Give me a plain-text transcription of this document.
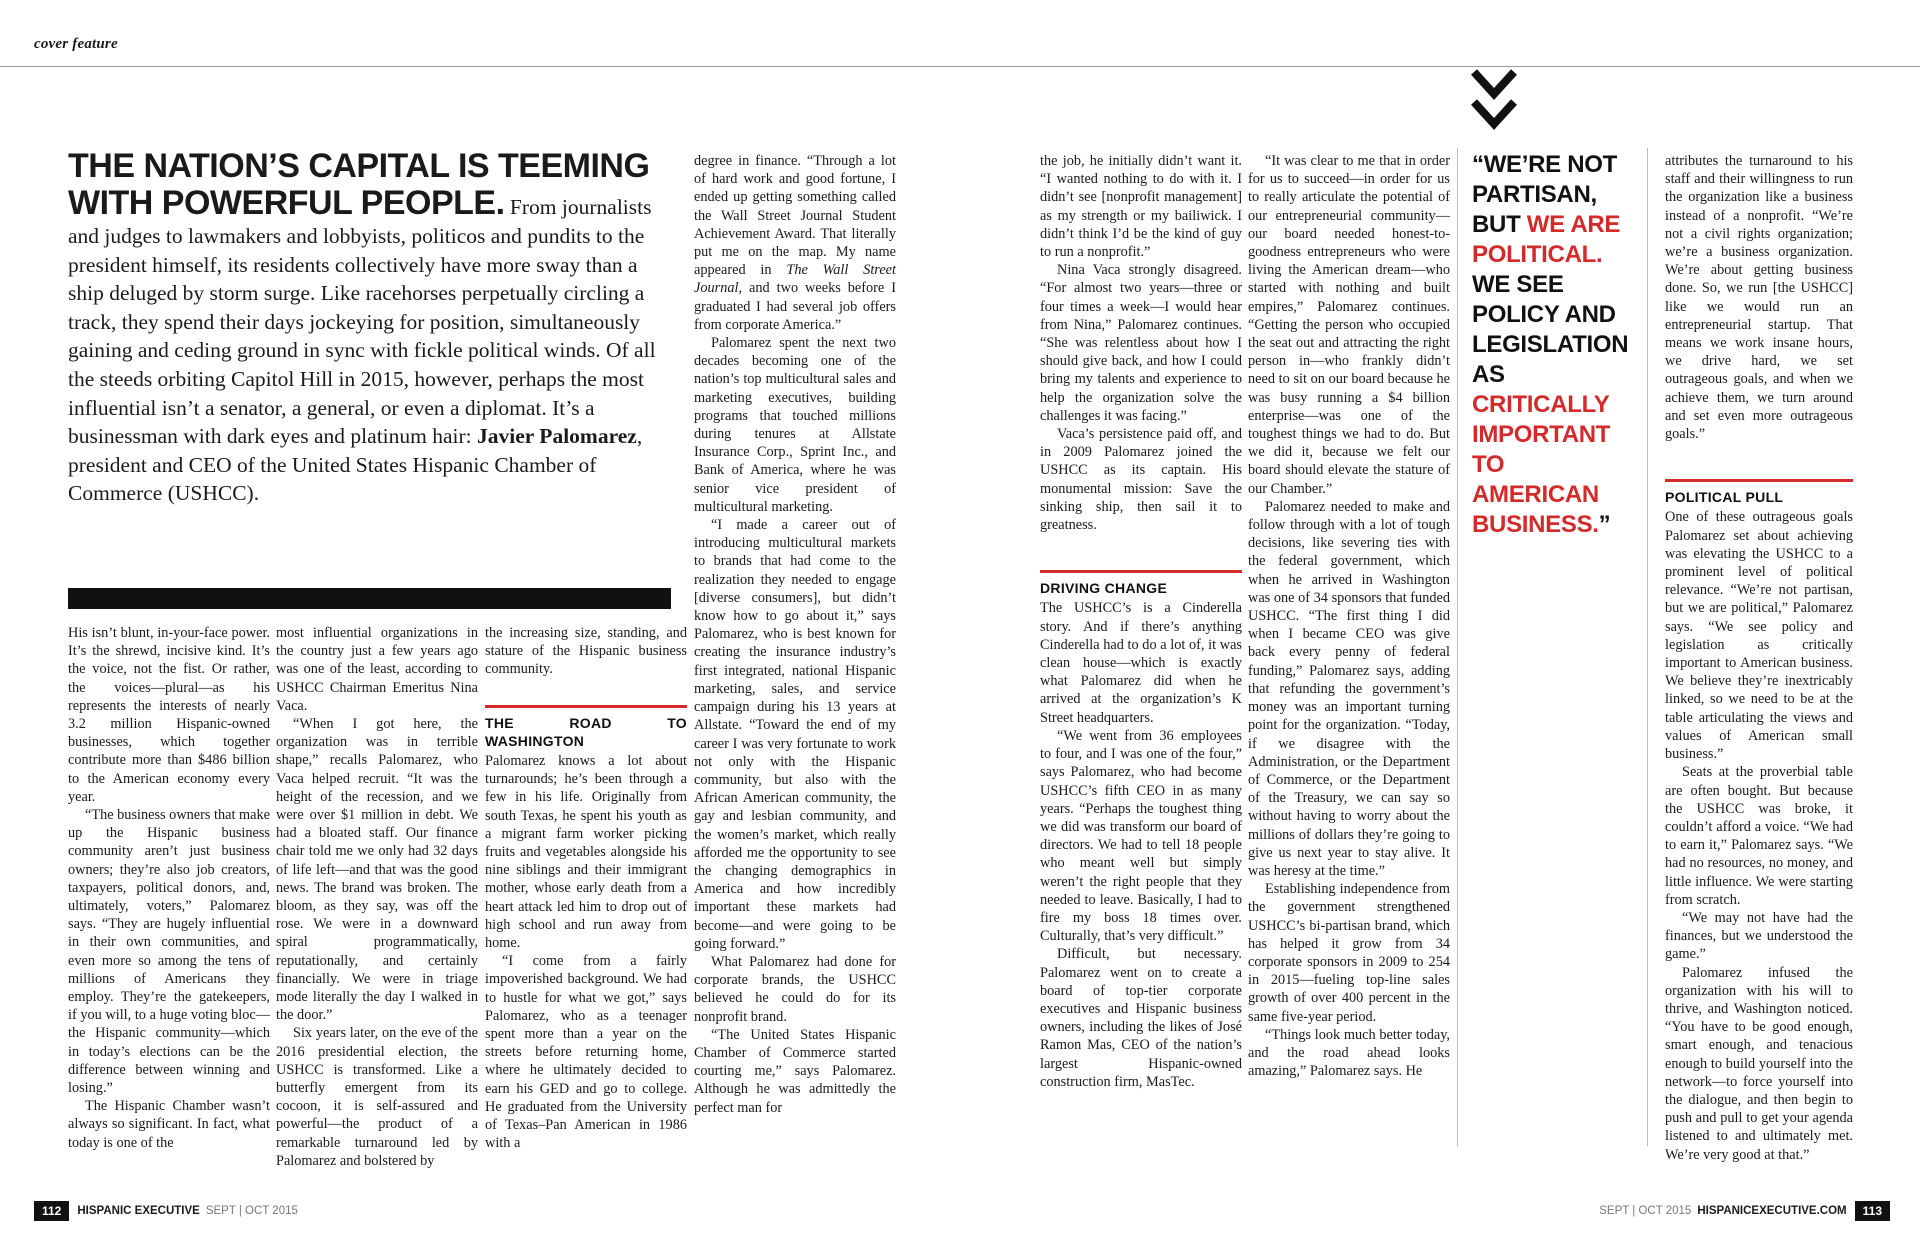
cover feature
THE NATION’S CAPITAL IS TEEMING WITH POWERFUL PEOPLE. From journalists and judges to lawmakers and lobbyists, politicos and pundits to the president himself, its residents collectively have more sway than a ship deluged by storm surge. Like racehorses perpetually circling a track, they spend their days jockeying for position, simultaneously gaining and ceding ground in sync with fickle political winds. Of all the steeds orbiting Capitol Hill in 2015, however, perhaps the most influential isn’t a senator, a general, or even a diplomat. It’s a businessman with dark eyes and platinum hair: Javier Palomarez, president and CEO of the United States Hispanic Chamber of Commerce (USHCC).

His isn’t blunt, in-your-face power. It’s the shrewd, incisive kind. It’s the voice, not the fist. Or rather, the voices—plural—as his represents the interests of nearly 3.2 million Hispanic-owned businesses, which together contribute more than $486 billion to the American economy every year.

“The business owners that make up the Hispanic business community aren’t just business owners; they’re also job creators, taxpayers, political donors, and, ultimately, voters,” Palomarez says. “They are hugely influential in their own communities, and even more so among the tens of millions of Americans they employ. They’re the gatekeepers, if you will, to a huge voting bloc—the Hispanic community—which in today’s elections can be the difference between winning and losing.”

The Hispanic Chamber wasn’t always so significant. In fact, what today is one of the

most influential organizations in the country just a few years ago was one of the least, according to USHCC Chairman Emeritus Nina Vaca.

“When I got here, the organization was in terrible shape,” recalls Palomarez, who Vaca helped recruit. “It was the height of the recession, and we were over $1 million in debt. We had a bloated staff. Our finance chair told me we only had 32 days of life left—and that was the good news. The brand was broken. The bloom, as they say, was off the rose. We were in a downward spiral programmatically, reputationally, and certainly financially. We were in triage mode literally the day I walked in the door.”

Six years later, on the eve of the 2016 presidential election, the USHCC is transformed. Like a butterfly emergent from its cocoon, it is self-assured and powerful—the product of a remarkable turnaround led by Palomarez and bolstered by

the increasing size, standing, and stature of the Hispanic business community.

THE ROAD TO WASHINGTON

Palomarez knows a lot about turnarounds; he’s been through a few in his life. Originally from south Texas, he spent his youth as a migrant farm worker picking fruits and vegetables alongside his nine siblings and their immigrant mother, whose early death from a heart attack led him to drop out of high school and run away from home.

“I come from a fairly impoverished background. We had to hustle for what we got,” says Palomarez, who as a teenager spent more than a year on the streets before returning home, where he ultimately decided to earn his GED and go to college. He graduated from the University of Texas–Pan American in 1986 with a

degree in finance. “Through a lot of hard work and good fortune, I ended up getting something called the Wall Street Journal Student Achievement Award. That literally put me on the map. My name appeared in The Wall Street Journal, and two weeks before I graduated I had several job offers from corporate America.”

Palomarez spent the next two decades becoming one of the nation’s top multicultural sales and marketing executives, building programs that touched millions during tenures at Allstate Insurance Corp., Sprint Inc., and Bank of America, where he was senior vice president of multicultural marketing.

“I made a career out of introducing multicultural markets to brands that had come to the realization they needed to engage [diverse consumers], but didn’t know how to go about it,” says Palomarez, who is best known for creating the insurance industry’s first integrated, national Hispanic marketing, sales, and service campaign during his 13 years at Allstate. “Toward the end of my career I was very fortunate to work not only with the Hispanic community, but also with the African American community, the gay and lesbian community, and the women’s market, which really afforded me the opportunity to see the changing demographics in America and how incredibly important these markets had become—and were going to be going forward.”

What Palomarez had done for corporate brands, the USHCC believed he could do for its nonprofit brand.

“The United States Hispanic Chamber of Commerce started courting me,” says Palomarez. Although he was admittedly the perfect man for

the job, he initially didn’t want it. “I wanted nothing to do with it. I didn’t see [nonprofit management] as my strength or my bailiwick. I didn’t think I’d be the kind of guy to run a nonprofit.”

Nina Vaca strongly disagreed. “For almost two years—three or four times a week—I would hear from Nina,” Palomarez continues. “She was relentless about how I should give back, and how I could bring my talents and experience to help the organization solve the challenges it was facing.”

Vaca’s persistence paid off, and in 2009 Palomarez joined the USHCC as its captain. His monumental mission: Save the sinking ship, then sail it to greatness.

DRIVING CHANGE

The USHCC’s is a Cinderella story. And if there’s anything Cinderella had to do a lot of, it was clean house—which is exactly what Palomarez did when he arrived at the organization’s K Street headquarters.

“We went from 36 employees to four, and I was one of the four,” says Palomarez, who had become USHCC’s fifth CEO in as many years. “Perhaps the toughest thing we did was transform our board of directors. We had to tell 18 people who meant well but simply weren’t the right people that they needed to leave. Basically, I had to fire my boss 18 times over. Culturally, that’s very difficult.”

Difficult, but necessary. Palomarez went on to create a board of top-tier corporate executives and Hispanic business owners, including the likes of José Ramon Mas, CEO of the nation’s largest Hispanic-owned construction firm, MasTec.

“It was clear to me that in order for us to succeed—in order for us to really articulate the potential of our entrepreneurial community—our board needed honest-to-goodness entrepreneurs who were living the American dream—who started with nothing and built empires,” Palomarez continues. “Getting the person who occupied the seat out and attracting the right person in—who frankly didn’t need to sit on our board because he was busy running a $4 billion enterprise—was one of the toughest things we had to do. But we did it, because we felt our board should elevate the stature of our Chamber.”

Palomarez needed to make and follow through with a lot of tough decisions, like severing ties with the federal government, which when he arrived in Washington was one of 34 sponsors that funded USHCC. “The first thing I did when I became CEO was give back every penny of federal funding,” Palomarez says, adding that refunding the government’s money was an important turning point for the organization. “Today, if we disagree with the Administration, or the Department of Commerce, or the Department of the Treasury, we can say so without having to worry about the millions of dollars they’re going to give us next year to stay alive. It was heresy at the time.”

Establishing independence from the government strengthened USHCC’s bi-partisan brand, which has helped it grow from 34 corporate sponsors in 2009 to 254 in 2015—fueling top-line sales growth of over 400 percent in the same five-year period.

“Things look much better today, and the road ahead looks amazing,” Palomarez says. He

“WE’RE NOT PARTISAN, BUT WE ARE POLITICAL. WE SEE POLICY AND LEGISLATION AS CRITICALLY IMPORTANT TO AMERICAN BUSINESS.”

attributes the turnaround to his staff and their willingness to run the organization like a business instead of a nonprofit. “We’re not a civil rights organization; we’re a business organization. We’re about getting business done. So, we run [the USHCC] like we would run an entrepreneurial startup. That means we work insane hours, we drive hard, we set outrageous goals, and when we achieve them, we turn around and set even more outrageous goals.”

POLITICAL PULL

One of these outrageous goals Palomarez set about achieving was elevating the USHCC to a prominent level of political relevance. “We’re not partisan, but we are political,” Palomarez says. “We see policy and legislation as critically important to American business. We believe they’re inextricably linked, so we need to be at the table articulating the views and values of American small business.”

Seats at the proverbial table are often bought. But because the USHCC was broke, it couldn’t afford a voice. “We had to earn it,” Palomarez says. “We had no resources, no money, and little influence. We were starting from scratch.

“We may not have had the finances, but we understood the game.”

Palomarez infused the organization with his will to thrive, and Washington noticed. “You have to be good enough, smart enough, and tenacious enough to build yourself into the network—to force yourself into the dialogue, and then begin to push and pull to get your agenda listened to and ultimately met. We’re very good at that.”

112	HISPANIC EXECUTIVE SEPT | OCT 2015	SEPT | OCT 2015 HISPANICEXECUTIVE.COM	113
